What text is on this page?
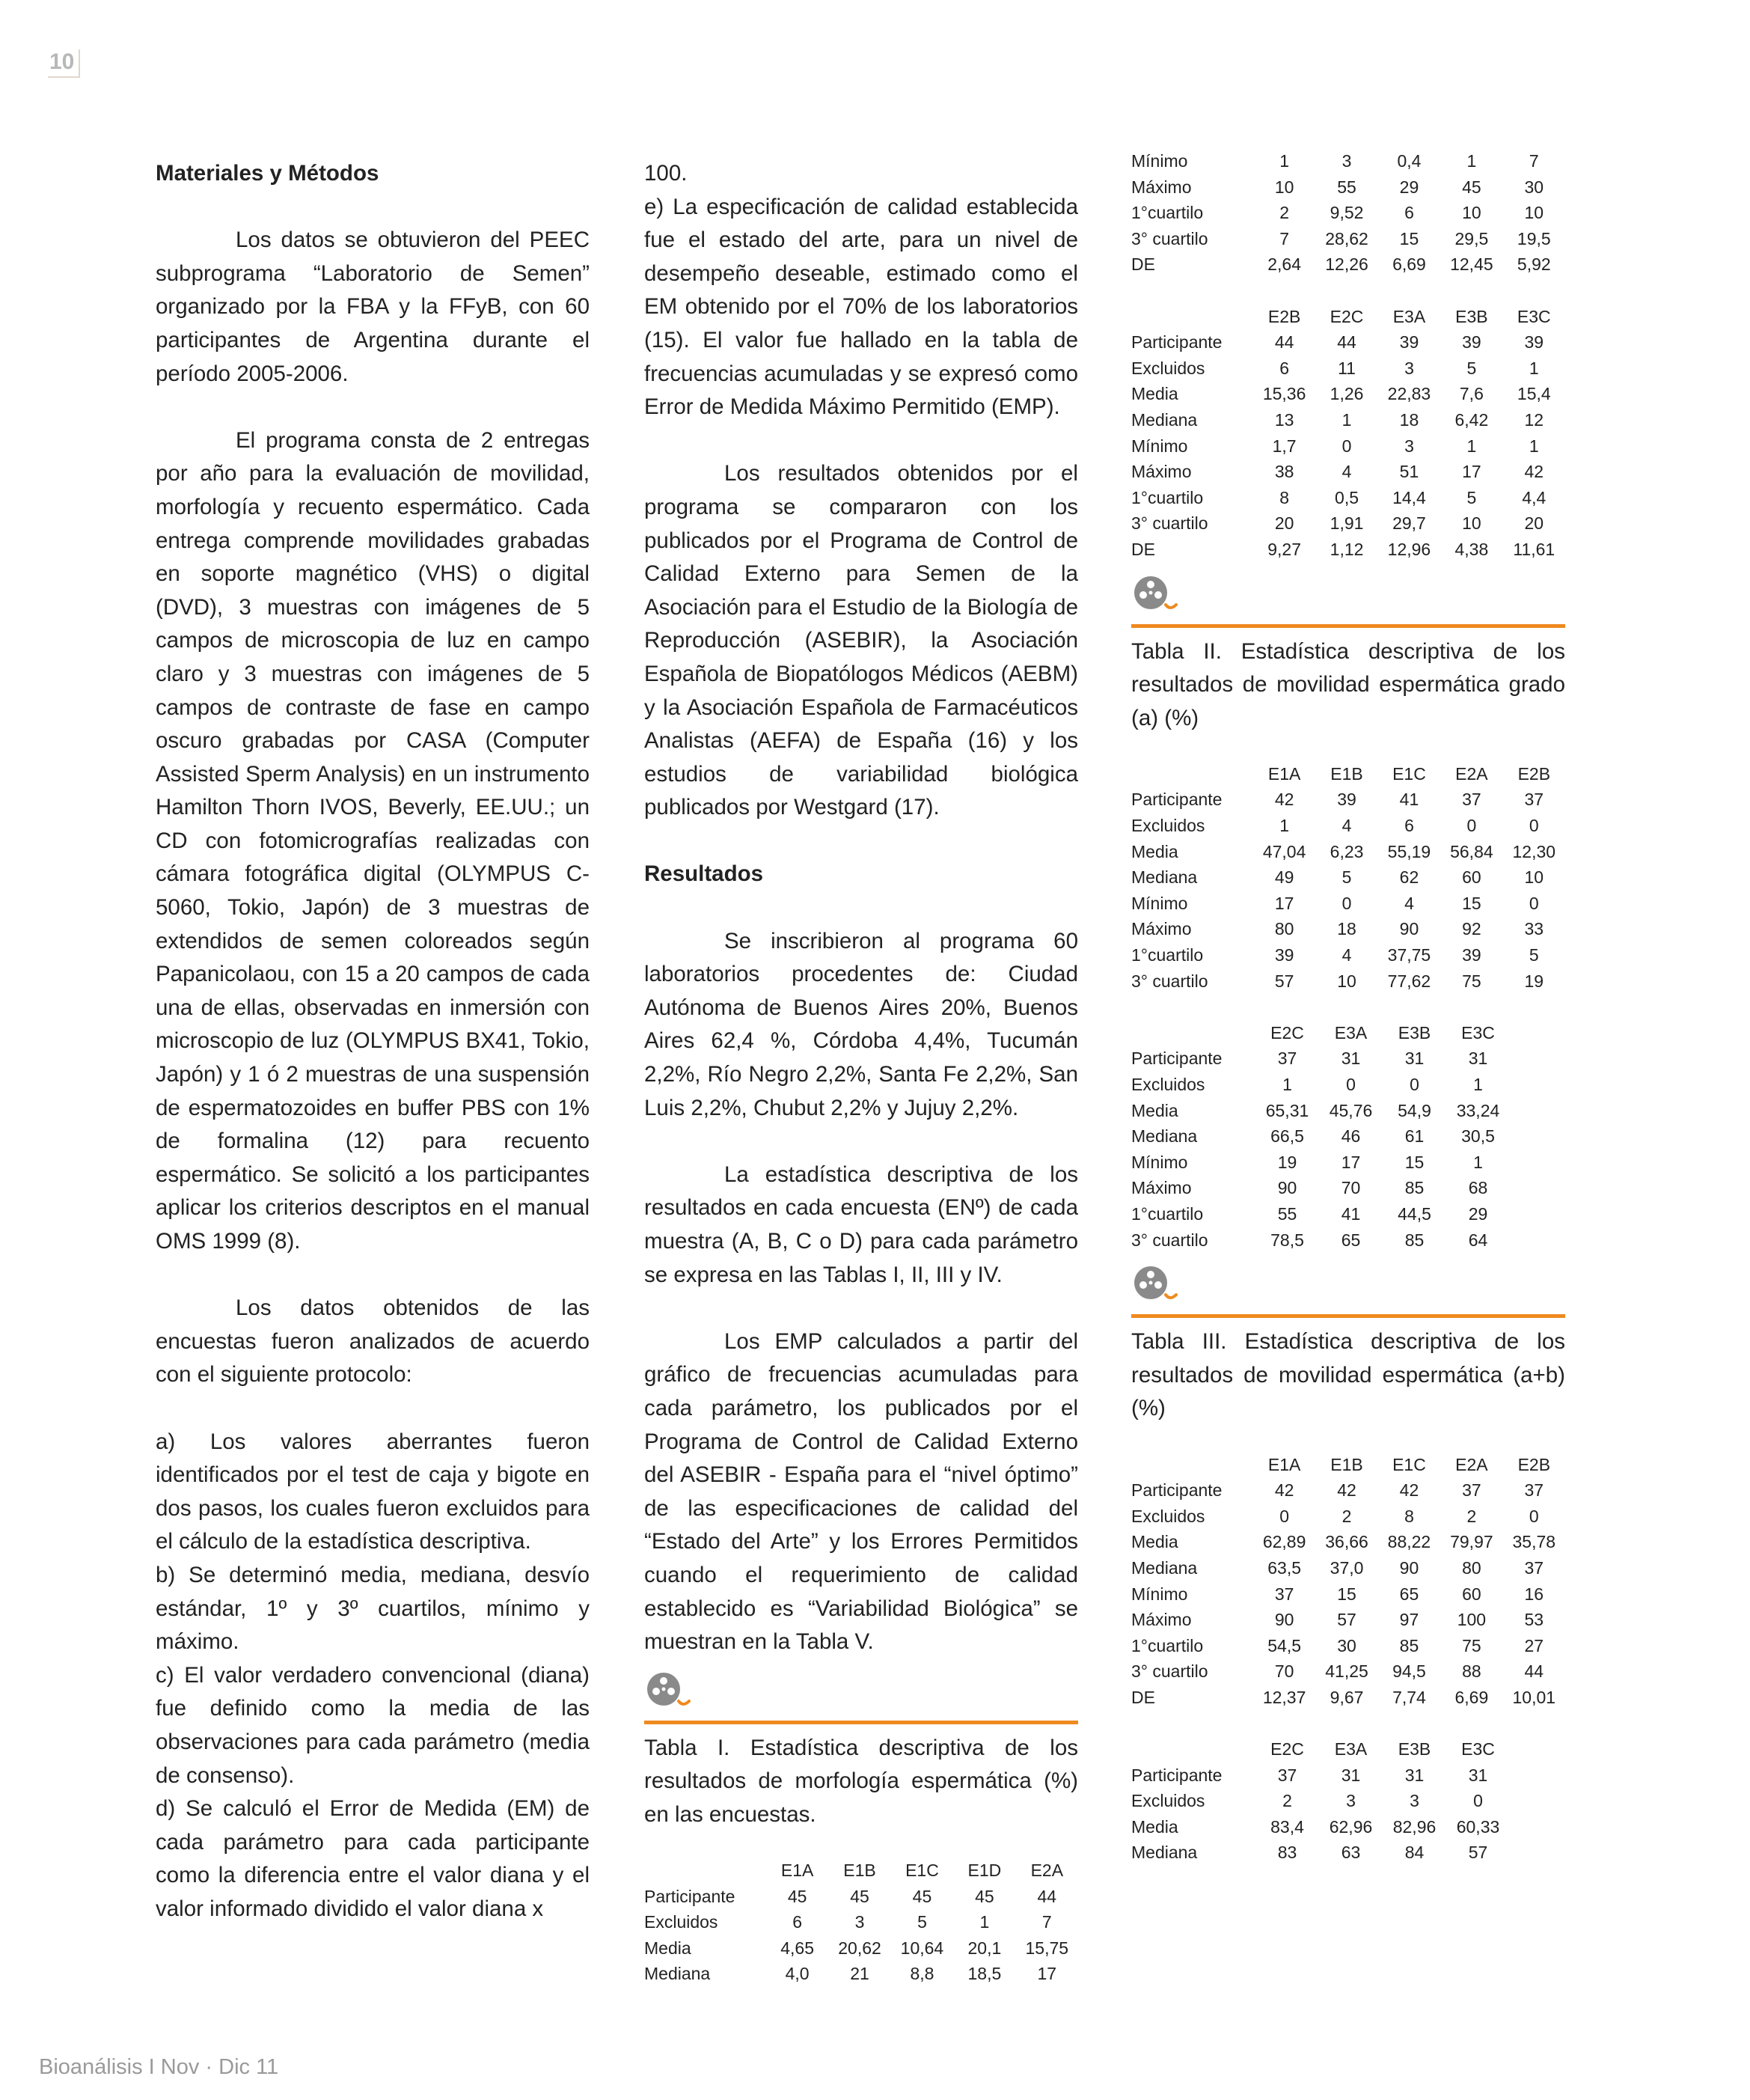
10

Materiales y Métodos

Los datos se obtuvieron del PEEC subprograma “Laboratorio de Semen” organizado por la FBA y la FFyB, con 60 participantes de Argentina durante el período 2005-2006.

El programa consta de 2 entregas por año para la evaluación de movilidad, morfología y recuento espermático. Cada entrega comprende movilidades grabadas en soporte magnético (VHS) o digital (DVD), 3 muestras con imágenes de 5 campos de microscopia de luz en campo claro y 3 muestras con imágenes de 5 campos de contraste de fase en campo oscuro grabadas por CASA (Computer Assisted Sperm Analysis) en un instrumento Hamilton Thorn IVOS, Beverly, EE.UU.; un CD con fotomicrografías realizadas con cámara fotográfica digital (OLYMPUS C-5060, Tokio, Japón) de 3 muestras de extendidos de semen coloreados según Papanicolaou, con 15 a 20 campos de cada una de ellas, observadas en inmersión con microscopio de luz (OLYMPUS BX41, Tokio, Japón) y 1 ó 2 muestras de una suspensión de espermatozoides en buffer PBS con 1% de formalina (12) para recuento espermático. Se solicitó a los participantes aplicar los criterios descriptos en el manual OMS 1999 (8).

Los datos obtenidos de las encuestas fueron analizados de acuerdo con el siguiente protocolo:

a) Los valores aberrantes fueron identificados por el test de caja y bigote en dos pasos, los cuales fueron excluidos para el cálculo de la estadística descriptiva.

b) Se determinó media, mediana, desvío estándar, 1º y 3º cuartilos, mínimo y máximo.

c) El valor verdadero convencional (diana) fue definido como la media de las observaciones para cada parámetro (media de consenso).

d) Se calculó el Error de Medida (EM) de cada parámetro para cada participante como la diferencia entre el valor diana y el valor informado dividido el valor diana x

100.

e) La especificación de calidad establecida fue el estado del arte, para un nivel de desempeño deseable, estimado como el EM obtenido por el 70% de los laboratorios (15). El valor fue hallado en la tabla de frecuencias acumuladas y se expresó como Error de Medida Máximo Permitido (EMP).

Los resultados obtenidos por el programa se compararon con los publicados por el Programa de Control de Calidad Externo para Semen de la Asociación para el Estudio de la Biología de Reproducción (ASEBIR), la Asociación Española de Biopatólogos Médicos (AEBM) y la Asociación Española de Farmacéuticos Analistas (AEFA) de España (16) y los estudios de variabilidad biológica publicados por Westgard (17).

Resultados

Se inscribieron al programa 60 laboratorios procedentes de: Ciudad Autónoma de Buenos Aires 20%, Buenos Aires 62,4 %, Córdoba 4,4%, Tucumán 2,2%, Río Negro 2,2%, Santa Fe 2,2%, San Luis 2,2%, Chubut 2,2% y Jujuy 2,2%.

La estadística descriptiva de los resultados en cada encuesta (ENº) de cada muestra (A, B, C o D) para cada parámetro se expresa en las Tablas I, II, III y IV.

Los EMP calculados a partir del gráfico de frecuencias acumuladas para cada parámetro, los publicados por el Programa de Control de Calidad Externo del ASEBIR - España para el “nivel óptimo” de las especificaciones de calidad del “Estado del Arte” y los Errores Permitidos cuando el requerimiento de calidad establecido es “Variabilidad Biológica” se muestran en la Tabla V.

Tabla I. Estadística descriptiva de los resultados de morfología espermática (%) en las encuestas.
E1A	E1B	E1C	E1D	E2A
Participante	45	45	45	45	44
Excluidos	6	3	5	1	7
Media	4,65	20,62	10,64	20,1	15,75
Mediana	4,0	21	8,8	18,5	17
Mínimo	1	3	0,4	1	7
Máximo	10	55	29	45	30
1°cuartilo	2	9,52	6	10	10
3° cuartilo	7	28,62	15	29,5	19,5
DE	2,64	12,26	6,69	12,45	5,92
E2B	E2C	E3A	E3B	E3C
Participante	44	44	39	39	39
Excluidos	6	11	3	5	1
Media	15,36	1,26	22,83	7,6	15,4
Mediana	13	1	18	6,42	12
Mínimo	1,7	0	3	1	1
Máximo	38	4	51	17	42
1°cuartilo	8	0,5	14,4	5	4,4
3° cuartilo	20	1,91	29,7	10	20
DE	9,27	1,12	12,96	4,38	11,61
Tabla II. Estadística descriptiva de los resultados de movilidad espermática grado (a) (%)
E1A	E1B	E1C	E2A	E2B
Participante	42	39	41	37	37
Excluidos	1	4	6	0	0
Media	47,04	6,23	55,19	56,84	12,30
Mediana	49	5	62	60	10
Mínimo	17	0	4	15	0
Máximo	80	18	90	92	33
1°cuartilo	39	4	37,75	39	5
3° cuartilo	57	10	77,62	75	19
E2C	E3A	E3B	E3C
Participante	37	31	31	31
Excluidos	1	0	0	1
Media	65,31	45,76	54,9	33,24
Mediana	66,5	46	61	30,5
Mínimo	19	17	15	1
Máximo	90	70	85	68
1°cuartilo	55	41	44,5	29
3° cuartilo	78,5	65	85	64
Tabla III. Estadística descriptiva de los resultados de movilidad espermática (a+b) (%)
E1A	E1B	E1C	E2A	E2B
Participante	42	42	42	37	37
Excluidos	0	2	8	2	0
Media	62,89	36,66	88,22	79,97	35,78
Mediana	63,5	37,0	90	80	37
Mínimo	37	15	65	60	16
Máximo	90	57	97	100	53
1°cuartilo	54,5	30	85	75	27
3° cuartilo	70	41,25	94,5	88	44
DE	12,37	9,67	7,74	6,69	10,01
E2C	E3A	E3B	E3C
Participante	37	31	31	31
Excluidos	2	3	3	0
Media	83,4	62,96	82,96	60,33
Mediana	83	63	84	57
Bioanálisis I Nov · Dic 11
